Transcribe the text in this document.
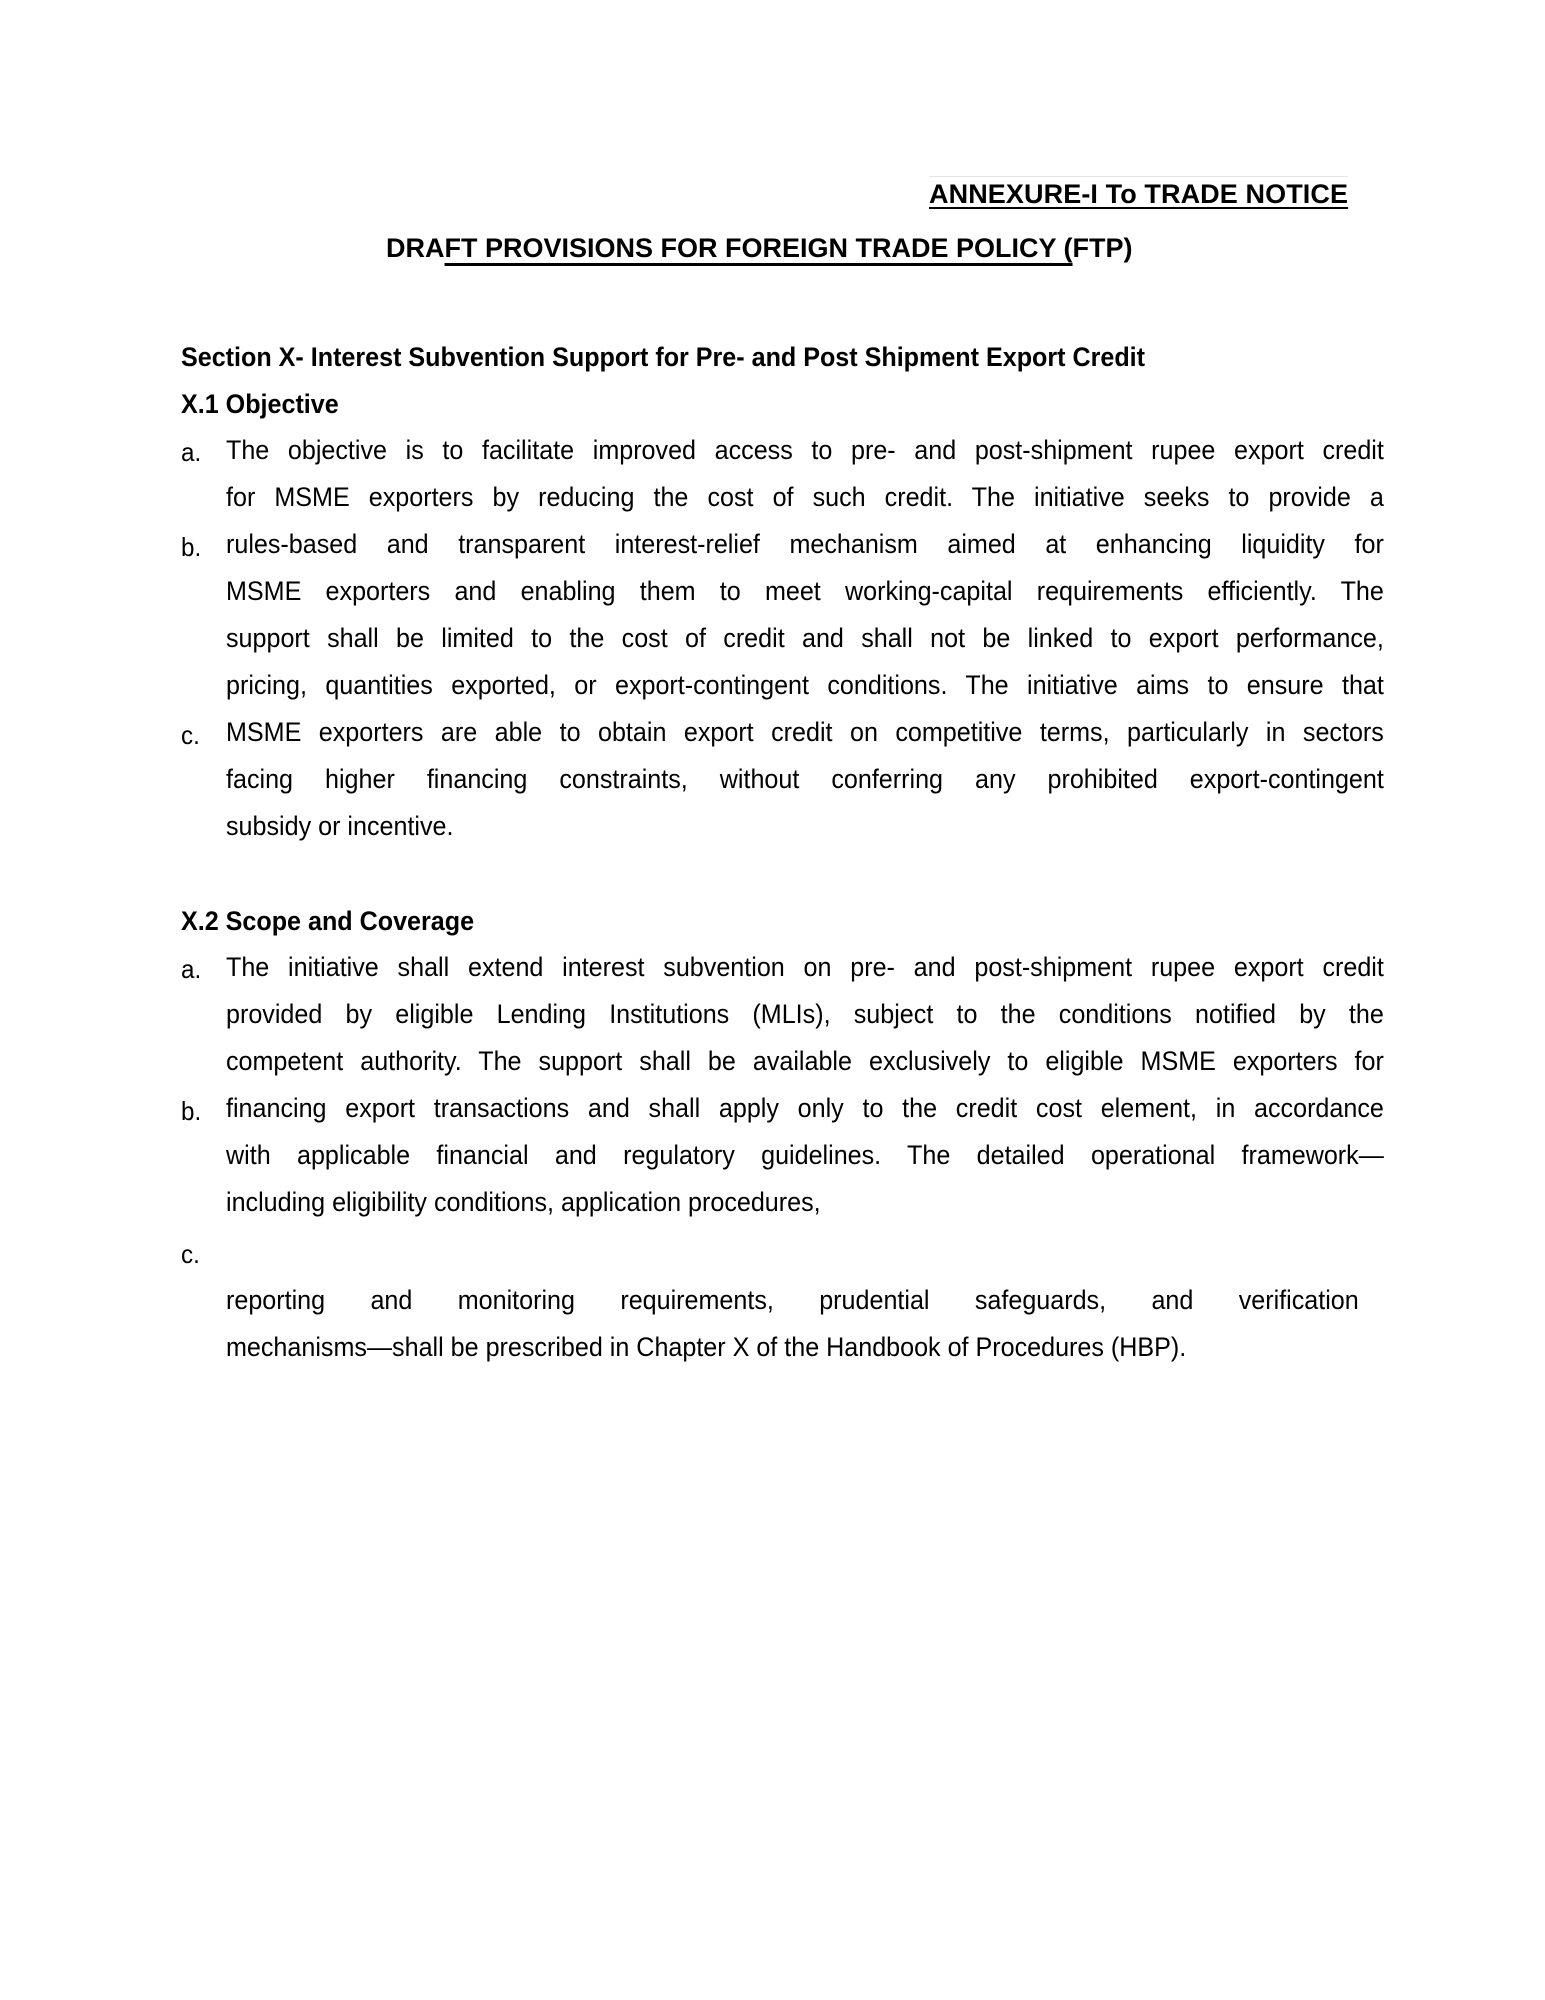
ANNEXURE-I To TRADE NOTICE
DRAFT PROVISIONS FOR FOREIGN TRADE POLICY (FTP)
Section X- Interest Subvention Support for Pre- and Post Shipment Export Credit
X.1 Objective
a.
b.
c.
The objective is to facilitate improved access to pre- and post-shipment rupee export credit
for MSME exporters by reducing the cost of such credit. The initiative seeks to provide a
rules-based and transparent interest-relief mechanism aimed at enhancing liquidity for
MSME exporters and enabling them to meet working-capital requirements efficiently. The
support shall be limited to the cost of credit and shall not be linked to export performance,
pricing, quantities exported, or export-contingent conditions. The initiative aims to ensure that
MSME exporters are able to obtain export credit on competitive terms, particularly in sectors
facing higher financing constraints, without conferring any prohibited export-contingent
subsidy or incentive.
X.2 Scope and Coverage
a.
b.
c.
The initiative shall extend interest subvention on pre- and post-shipment rupee export credit
provided by eligible Lending Institutions (MLIs), subject to the conditions notified by the
competent authority. The support shall be available exclusively to eligible MSME exporters for
financing export transactions and shall apply only to the credit cost element, in accordance
with applicable financial and regulatory guidelines. The detailed operational framework—
including eligibility conditions, application procedures,
reporting and monitoring requirements, prudential safeguards, and verification
mechanisms—shall be prescribed in Chapter X of the Handbook of Procedures (HBP).
